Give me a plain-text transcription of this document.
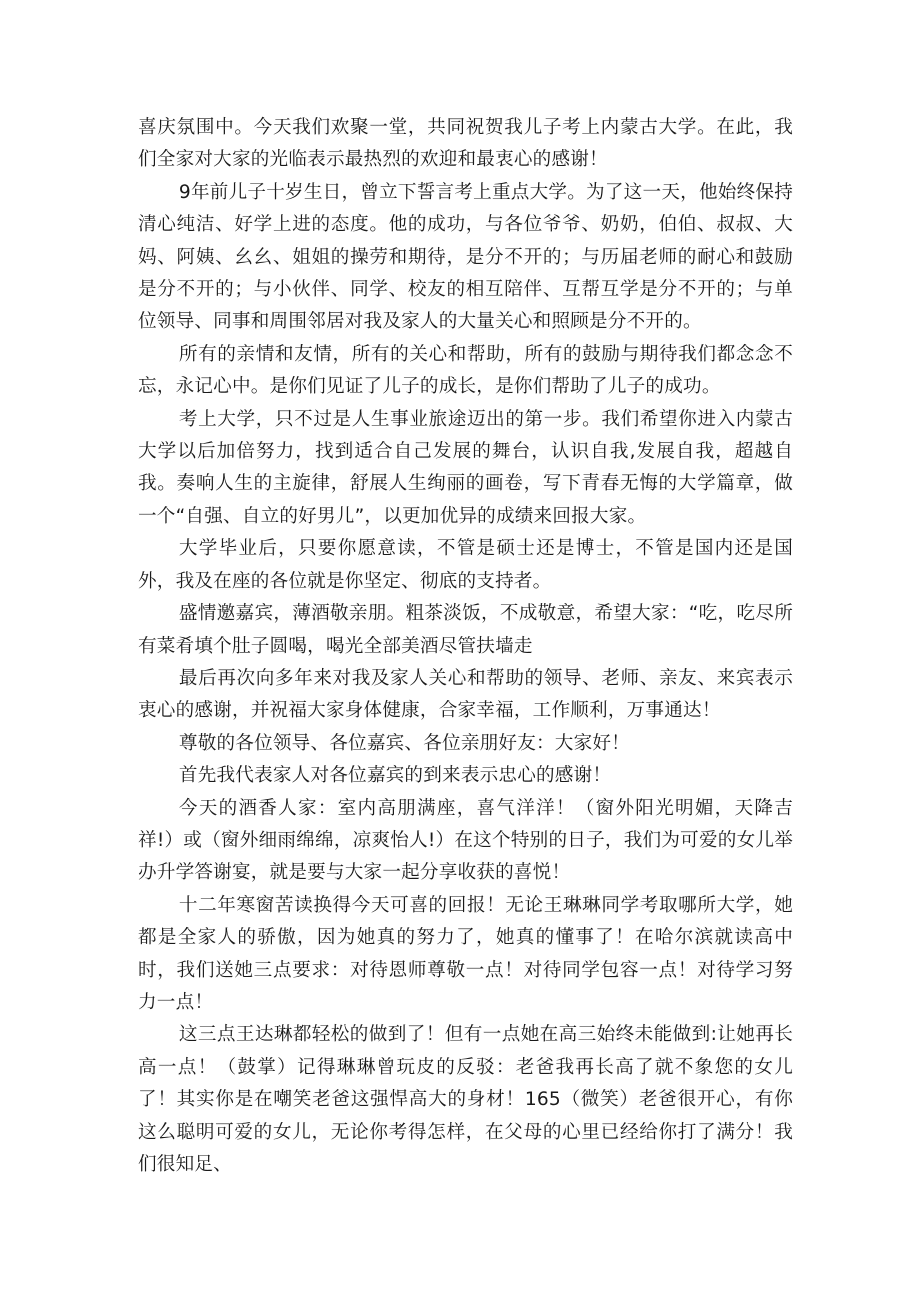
喜庆氛围中。今天我们欢聚一堂，共同祝贺我儿子考上内蒙古大学。在此，我们全家对大家的光临表示最热烈的欢迎和最衷心的感谢！

9年前儿子十岁生日，曾立下誓言考上重点大学。为了这一天，他始终保持清心纯洁、好学上进的态度。他的成功，与各位爷爷、奶奶，伯伯、叔叔、大妈、阿姨、幺幺、姐姐的操劳和期待，是分不开的；与历届老师的耐心和鼓励是分不开的；与小伙伴、同学、校友的相互陪伴、互帮互学是分不开的；与单位领导、同事和周围邻居对我及家人的大量关心和照顾是分不开的。

所有的亲情和友情，所有的关心和帮助，所有的鼓励与期待我们都念念不忘，永记心中。是你们见证了儿子的成长，是你们帮助了儿子的成功。

考上大学，只不过是人生事业旅途迈出的第一步。我们希望你进入内蒙古大学以后加倍努力，找到适合自己发展的舞台，认识自我,发展自我，超越自我。奏响人生的主旋律，舒展人生绚丽的画卷，写下青春无悔的大学篇章，做一个“自强、自立的好男儿”，以更加优异的成绩来回报大家。

大学毕业后，只要你愿意读，不管是硕士还是博士，不管是国内还是国外，我及在座的各位就是你坚定、彻底的支持者。

盛情邀嘉宾，薄酒敬亲朋。粗茶淡饭，不成敬意，希望大家：“吃，吃尽所有菜肴填个肚子圆喝，喝光全部美酒尽管扶墙走

最后再次向多年来对我及家人关心和帮助的领导、老师、亲友、来宾表示衷心的感谢，并祝福大家身体健康，合家幸福，工作顺利，万事通达！

尊敬的各位领导、各位嘉宾、各位亲朋好友：大家好！

首先我代表家人对各位嘉宾的到来表示忠心的感谢！

今天的酒香人家：室内高朋满座，喜气洋洋！（窗外阳光明媚，天降吉祥!）或（窗外细雨绵绵，凉爽怡人!）在这个特别的日子，我们为可爱的女儿举办升学答谢宴，就是要与大家一起分享收获的喜悦！

十二年寒窗苦读换得今天可喜的回报！无论王琳琳同学考取哪所大学，她都是全家人的骄傲，因为她真的努力了，她真的懂事了！在哈尔滨就读高中时，我们送她三点要求：对待恩师尊敬一点！对待同学包容一点！对待学习努力一点！

这三点王达琳都轻松的做到了！但有一点她在高三始终未能做到:让她再长高一点！（鼓掌）记得琳琳曾玩皮的反驳：老爸我再长高了就不象您的女儿了！其实你是在嘲笑老爸这强悍高大的身材！165（微笑）老爸很开心，有你这么聪明可爱的女儿，无论你考得怎样，在父母的心里已经给你打了满分！我们很知足、
